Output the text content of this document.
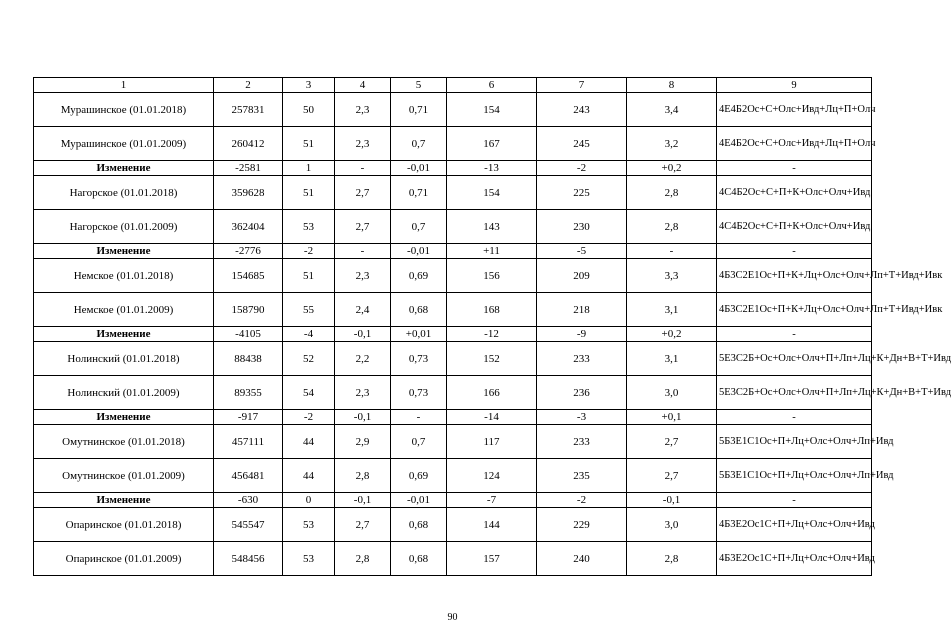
1	2	3	4	5	6	7	8	9
Мурашинское (01.01.2018)	257831	50	2,3	0,71	154	243	3,4	4Е4Б2Ос+С+Олс+Ивд+Лц+П+Олч
Мурашинское (01.01.2009)	260412	51	2,3	0,7	167	245	3,2	4Е4Б2Ос+С+Олс+Ивд+Лц+П+Олч
Изменение	-2581	1	-	-0,01	-13	-2	+0,2	-
Нагорское (01.01.2018)	359628	51	2,7	0,71	154	225	2,8	4С4Б2Ос+С+П+К+Олс+Олч+Ивд
Нагорское (01.01.2009)	362404	53	2,7	0,7	143	230	2,8	4С4Б2Ос+С+П+К+Олс+Олч+Ивд
Изменение	-2776	-2	-	-0,01	+11	-5	-	-
Немское (01.01.2018)	154685	51	2,3	0,69	156	209	3,3	4Б3С2Е1Ос+П+К+Лц+Олс+Олч+Лп+Т+Ивд+Ивк
Немское (01.01.2009)	158790	55	2,4	0,68	168	218	3,1	4Б3С2Е1Ос+П+К+Лц+Олс+Олч+Лп+Т+Ивд+Ивк
Изменение	-4105	-4	-0,1	+0,01	-12	-9	+0,2	-
Нолинский (01.01.2018)	88438	52	2,2	0,73	152	233	3,1	5Е3С2Б+Ос+Олс+Олч+П+Лп+Лц+К+Дн+В+Т+Ивд
Нолинский (01.01.2009)	89355	54	2,3	0,73	166	236	3,0	5Е3С2Б+Ос+Олс+Олч+П+Лп+Лц+К+Дн+В+Т+Ивд
Изменение	-917	-2	-0,1	-	-14	-3	+0,1	-
Омутнинское (01.01.2018)	457111	44	2,9	0,7	117	233	2,7	5Б3Е1С1Ос+П+Лц+Олс+Олч+Лп+Ивд
Омутнинское (01.01.2009)	456481	44	2,8	0,69	124	235	2,7	5Б3Е1С1Ос+П+Лц+Олс+Олч+Лп+Ивд
Изменение	-630	0	-0,1	-0,01	-7	-2	-0,1	-
Опаринское (01.01.2018)	545547	53	2,7	0,68	144	229	3,0	4Б3Е2Ос1С+П+Лц+Олс+Олч+Ивд
Опаринское (01.01.2009)	548456	53	2,8	0,68	157	240	2,8	4Б3Е2Ос1С+П+Лц+Олс+Олч+Ивд
90
